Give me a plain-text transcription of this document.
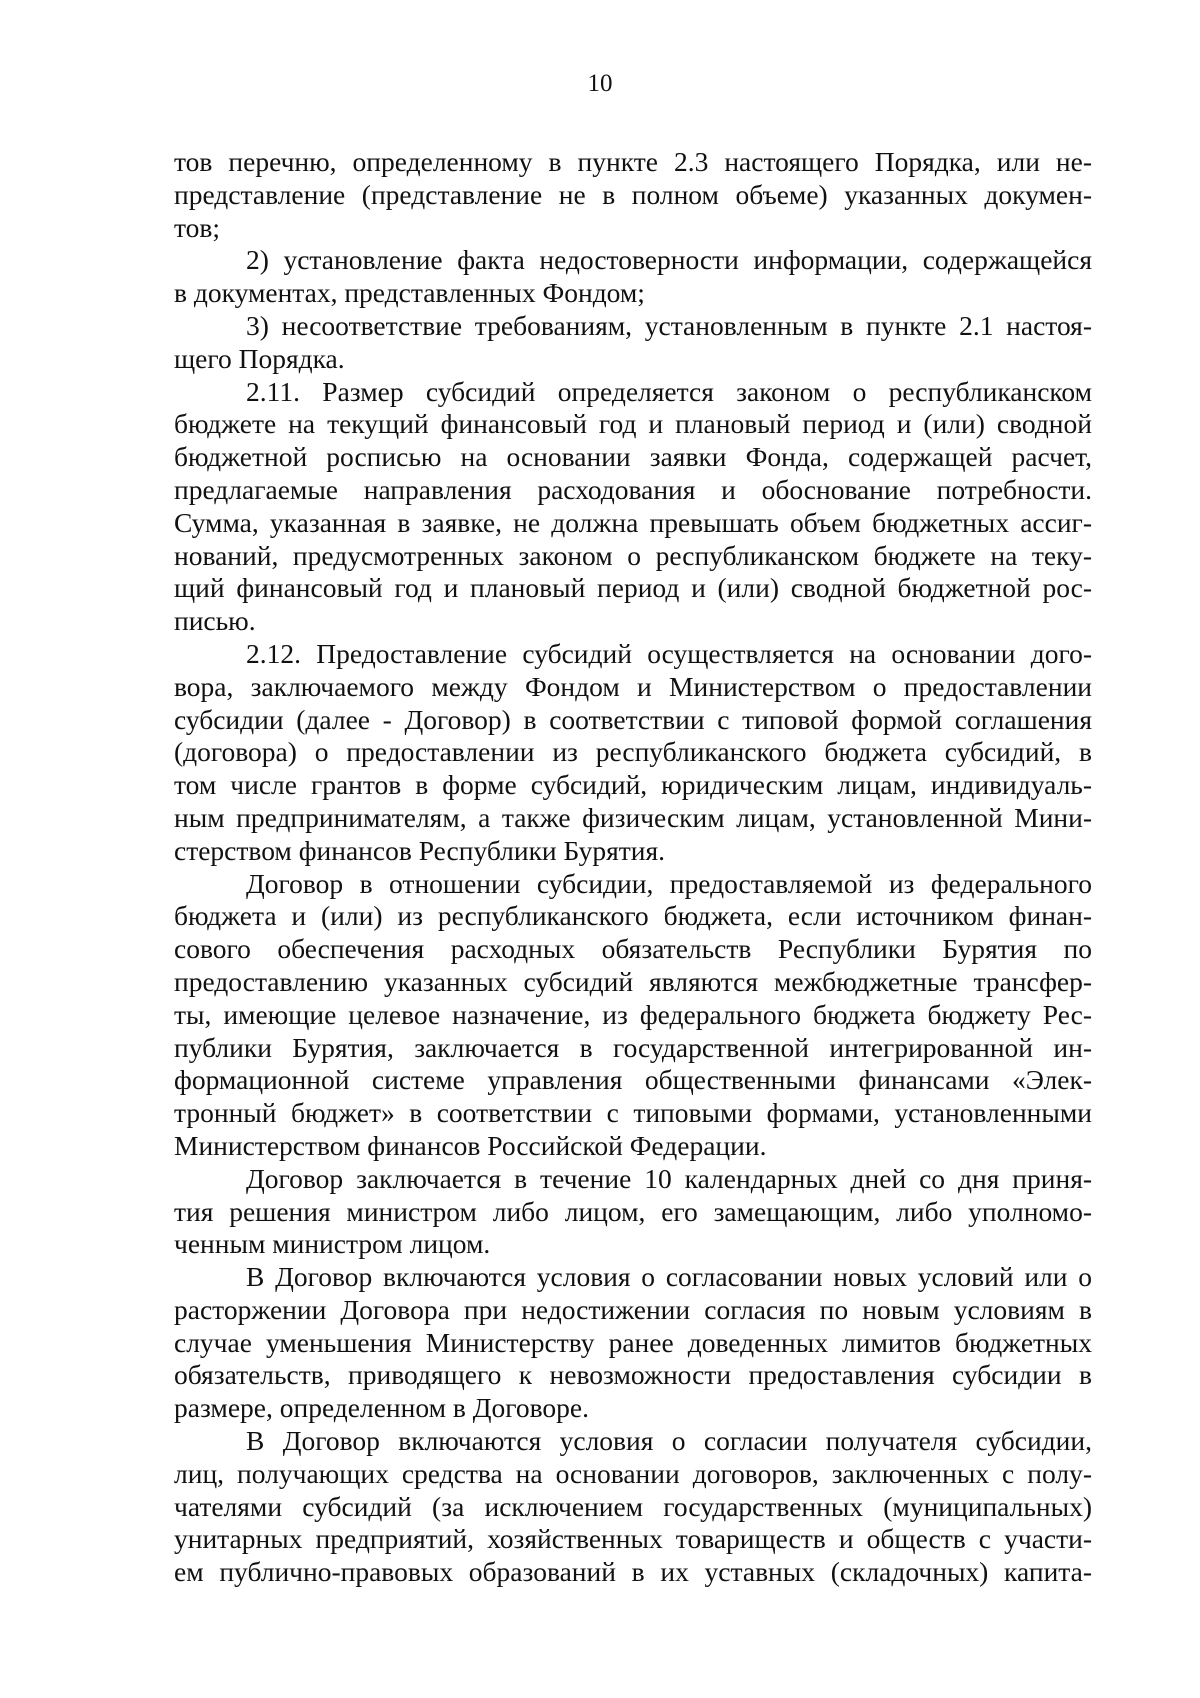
10
тов перечню, определенному в пункте 2.3 настоящего Порядка, или не-
представление (представление не в полном объеме) указанных докумен-
тов;
2) установление факта недостоверности информации, содержащейся
в документах, представленных Фондом;
3) несоответствие требованиям, установленным в пункте 2.1 настоя-
щего Порядка.
2.11. Размер субсидий определяется законом о республиканском
бюджете на текущий финансовый год и плановый период и (или) сводной
бюджетной росписью на основании заявки Фонда, содержащей расчет,
предлагаемые направления расходования и обоснование потребности.
Сумма, указанная в заявке, не должна превышать объем бюджетных ассиг-
нований, предусмотренных законом о республиканском бюджете на теку-
щий финансовый год и плановый период и (или) сводной бюджетной рос-
писью.
2.12. Предоставление субсидий осуществляется на основании дого-
вора, заключаемого между Фондом и Министерством о предоставлении
субсидии (далее - Договор) в соответствии с типовой формой соглашения
(договора) о предоставлении из республиканского бюджета субсидий, в
том числе грантов в форме субсидий, юридическим лицам, индивидуаль-
ным предпринимателям, а также физическим лицам, установленной Мини-
стерством финансов Республики Бурятия.
Договор в отношении субсидии, предоставляемой из федерального
бюджета и (или) из республиканского бюджета, если источником финан-
сового обеспечения расходных обязательств Республики Бурятия по
предоставлению указанных субсидий являются межбюджетные трансфер-
ты, имеющие целевое назначение, из федерального бюджета бюджету Рес-
публики Бурятия, заключается в государственной интегрированной ин-
формационной системе управления общественными финансами «Элек-
тронный бюджет» в соответствии с типовыми формами, установленными
Министерством финансов Российской Федерации.
Договор заключается в течение 10 календарных дней со дня приня-
тия решения министром либо лицом, его замещающим, либо уполномо-
ченным министром лицом.
В Договор включаются условия о согласовании новых условий или о
расторжении Договора при недостижении согласия по новым условиям в
случае уменьшения Министерству ранее доведенных лимитов бюджетных
обязательств, приводящего к невозможности предоставления субсидии в
размере, определенном в Договоре.
В Договор включаются условия о согласии получателя субсидии,
лиц, получающих средства на основании договоров, заключенных с полу-
чателями субсидий (за исключением государственных (муниципальных)
унитарных предприятий, хозяйственных товариществ и обществ с участи-
ем публично-правовых образований в их уставных (складочных) капита-
